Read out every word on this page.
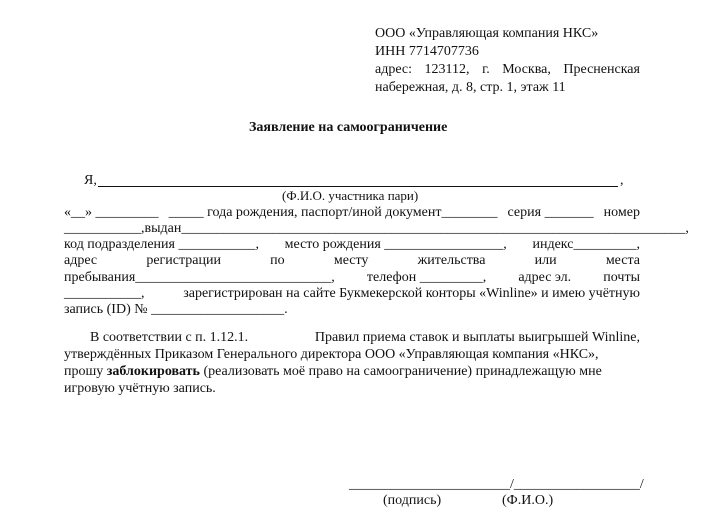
ООО «Управляющая компания НКС»
ИНН 7714707736
адрес: 123112, г. Москва, Пресненская
набережная, д. 8, стр. 1, этаж 11
Заявление на самоограничение
Я,	,
(Ф.И.О. участника пари)
«__» _________ _____ года рождения, паспорт/иной документ________ серия _______ номер
___________, выдан ________________________________________________________________________,
код подразделения ___________, место рождения _________________, индекс_________,
адрес	регистрации	по	месту	жительства	или	места
пребывания____________________________, телефон _________, адрес эл. почты
___________,	зарегистрирован на сайте Букмекерской конторы «Winline» и имею учётную
запись (ID) № ___________________.
В соответствии с п. 1.12.1.	Правил приема ставок и выплаты выигрышей Winline,
утверждённых Приказом Генерального директора ООО «Управляющая компания «НКС»,
прошу заблокировать (реализовать моё право на самоограничение) принадлежащую мне
игровую учётную запись.
_______________________/__________________/
(подпись)	(Ф.И.О.)
